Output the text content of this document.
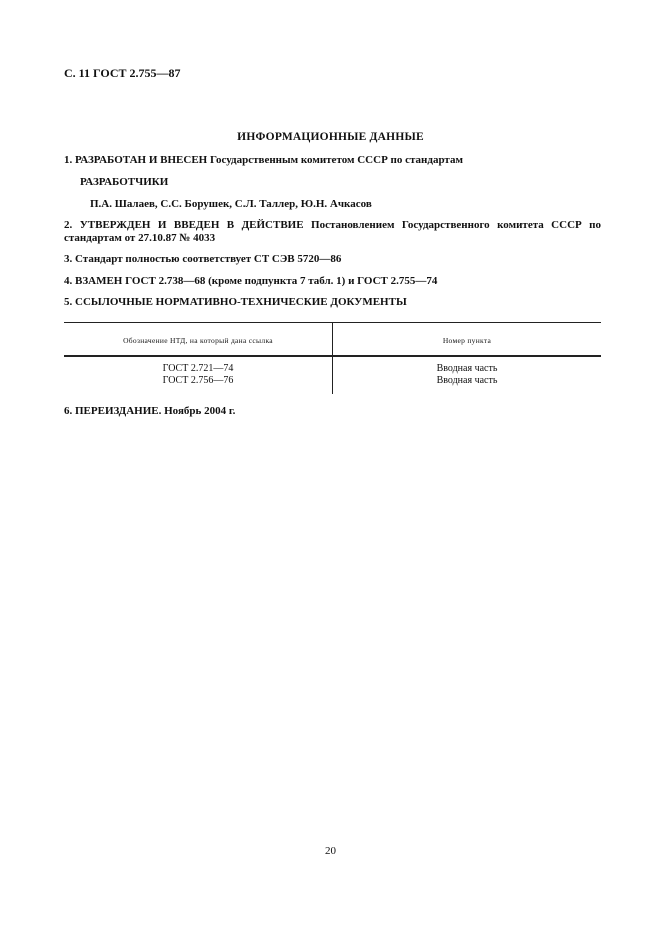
С. 11 ГОСТ 2.755—87
ИНФОРМАЦИОННЫЕ ДАННЫЕ
1. РАЗРАБОТАН И ВНЕСЕН Государственным комитетом СССР по стандартам
РАЗРАБОТЧИКИ
П.А. Шалаев, С.С. Борушек, С.Л. Таллер, Ю.Н. Ачкасов
2. УТВЕРЖДЕН И ВВЕДЕН В ДЕЙСТВИЕ Постановлением Государственного комитета СССР по стандартам от 27.10.87 № 4033
3. Стандарт полностью соответствует СТ СЭВ 5720—86
4. ВЗАМЕН ГОСТ 2.738—68 (кроме подпункта 7 табл. 1) и ГОСТ 2.755—74
5. ССЫЛОЧНЫЕ НОРМАТИВНО-ТЕХНИЧЕСКИЕ ДОКУМЕНТЫ
Обозначение НТД, на который дана ссылка	Номер пункта
ГОСТ 2.721—74	Вводная часть
ГОСТ 2.756—76	Вводная часть
6. ПЕРЕИЗДАНИЕ. Ноябрь 2004 г.
20
